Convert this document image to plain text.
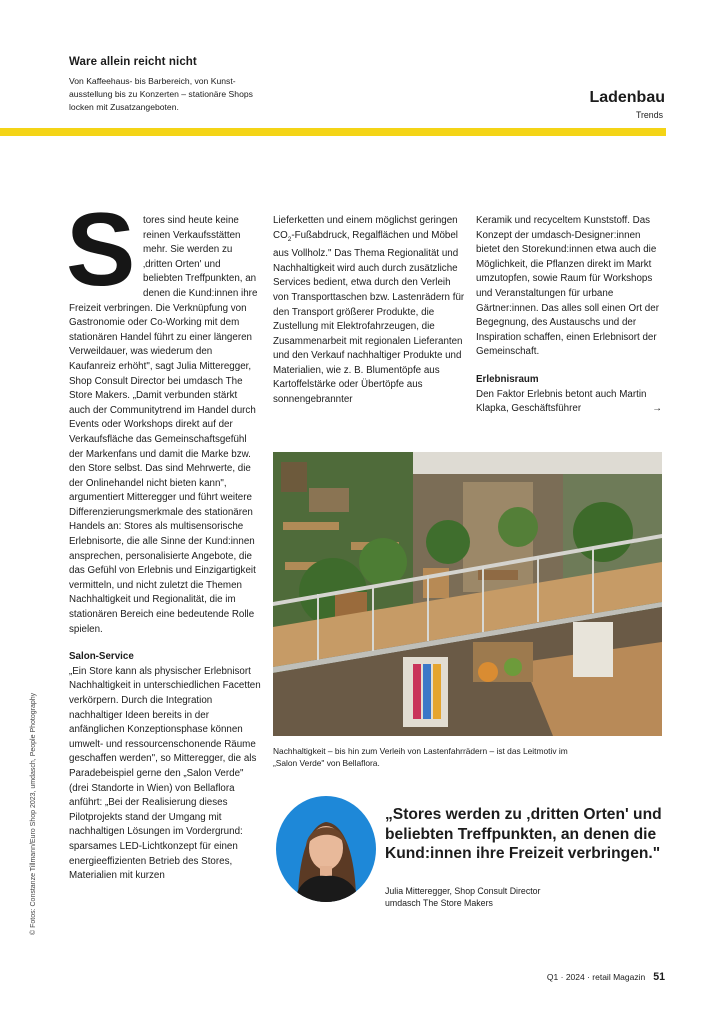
Ware allein reicht nicht
Von Kaffeehaus- bis Barbereich, von Kunstausstellung bis zu Konzerten – stationäre Shops locken mit Zusatzangeboten.
Ladenbau
Trends
S tores sind heute keine reinen Verkaufsstätten mehr. Sie werden zu ‚dritten Orten' und beliebten Treffpunkten, an denen die Kund:innen ihre Freizeit verbringen. Die Verknüpfung von Gastronomie oder Co-Working mit dem stationären Handel führt zu einer längeren Verweildauer, was wiederum den Kaufanreiz erhöht", sagt Julia Mitteregger, Shop Consult Director bei umdasch The Store Makers. „Damit verbunden stärkt auch der Communitytrend im Handel durch Events oder Workshops direkt auf der Verkaufsfläche das Gemeinschaftsgefühl der Markenfans und damit die Marke bzw. den Store selbst. Das sind Mehrwerte, die der Onlinehandel nicht bieten kann", argumentiert Mitteregger und führt weitere Differenzierungsmerkmale des stationären Handels an: Stores als multisensorische Erlebnisorte, die alle Sinne der Kund:innen ansprechen, personalisierte Angebote, die das Gefühl von Erlebnis und Einzigartigkeit vermitteln, und nicht zuletzt die Themen Nachhaltigkeit und Regionalität, die im stationären Bereich eine bedeutende Rolle spielen.

Salon-Service

„Ein Store kann als physischer Erlebnisort Nachhaltigkeit in unterschiedlichen Facetten verkörpern. Durch die Integration nachhaltiger Ideen bereits in der anfänglichen Konzeptionsphase können umwelt- und ressourcenschonende Räume geschaffen werden", so Mitteregger, die als Paradebeispiel gerne den „Salon Verde" (drei Standorte in Wien) von Bellaflora anführt: „Bei der Realisierung dieses Pilotprojekts stand der Umgang mit nachhaltigen Lösungen im Vordergrund: sparsames LED-Lichtkonzept für einen energieeffizienten Betrieb des Stores, Materialien mit kurzen

Lieferketten und einem möglichst geringen $CO_2$-Fußabdruck, Regalflächen und Möbel aus Vollholz." Das Thema Regionalität und Nachhaltigkeit wird auch durch zusätzliche Services bedient, etwa durch den Verleih von Transporttaschen bzw. Lastenrädern für den Transport größerer Produkte, die Zustellung mit Elektrofahrzeugen, die Zusammenarbeit mit regionalen Lieferanten und den Verkauf nachhaltiger Produkte und Materialien, wie z. B. Blumentöpfe aus Kartoffelstärke oder Übertöpfe aus sonnengebrannter

Keramik und recyceltem Kunststoff. Das Konzept der umdasch-Designer:innen bietet den Storekund:innen etwa auch die Möglichkeit, die Pflanzen direkt im Markt umzutopfen, sowie Raum für Workshops und Veranstaltungen für urbane Gärtner:innen. Das alles soll einen Ort der Begegnung, des Austauschs und der Inspiration schaffen, einen Erlebnisort der Gemeinschaft.

Erlebnisraum

Den Faktor Erlebnis betont auch Martin Klapka, Geschäftsführer	→

Nachhaltigkeit – bis hin zum Verleih von Lastenfahrrädern – ist das Leitmotiv im „Salon Verde" von Bellaflora.
„Stores werden zu ‚dritten Orten' und beliebten Treffpunkten, an denen die Kund:innen ihre Freizeit verbringen."
Julia Mitteregger, Shop Consult Director
umdasch The Store Makers
© Fotos: Constanze Tillmann/Euro Shop 2023, umdasch, People Photography
Q1 · 2024 · retail Magazin 51
